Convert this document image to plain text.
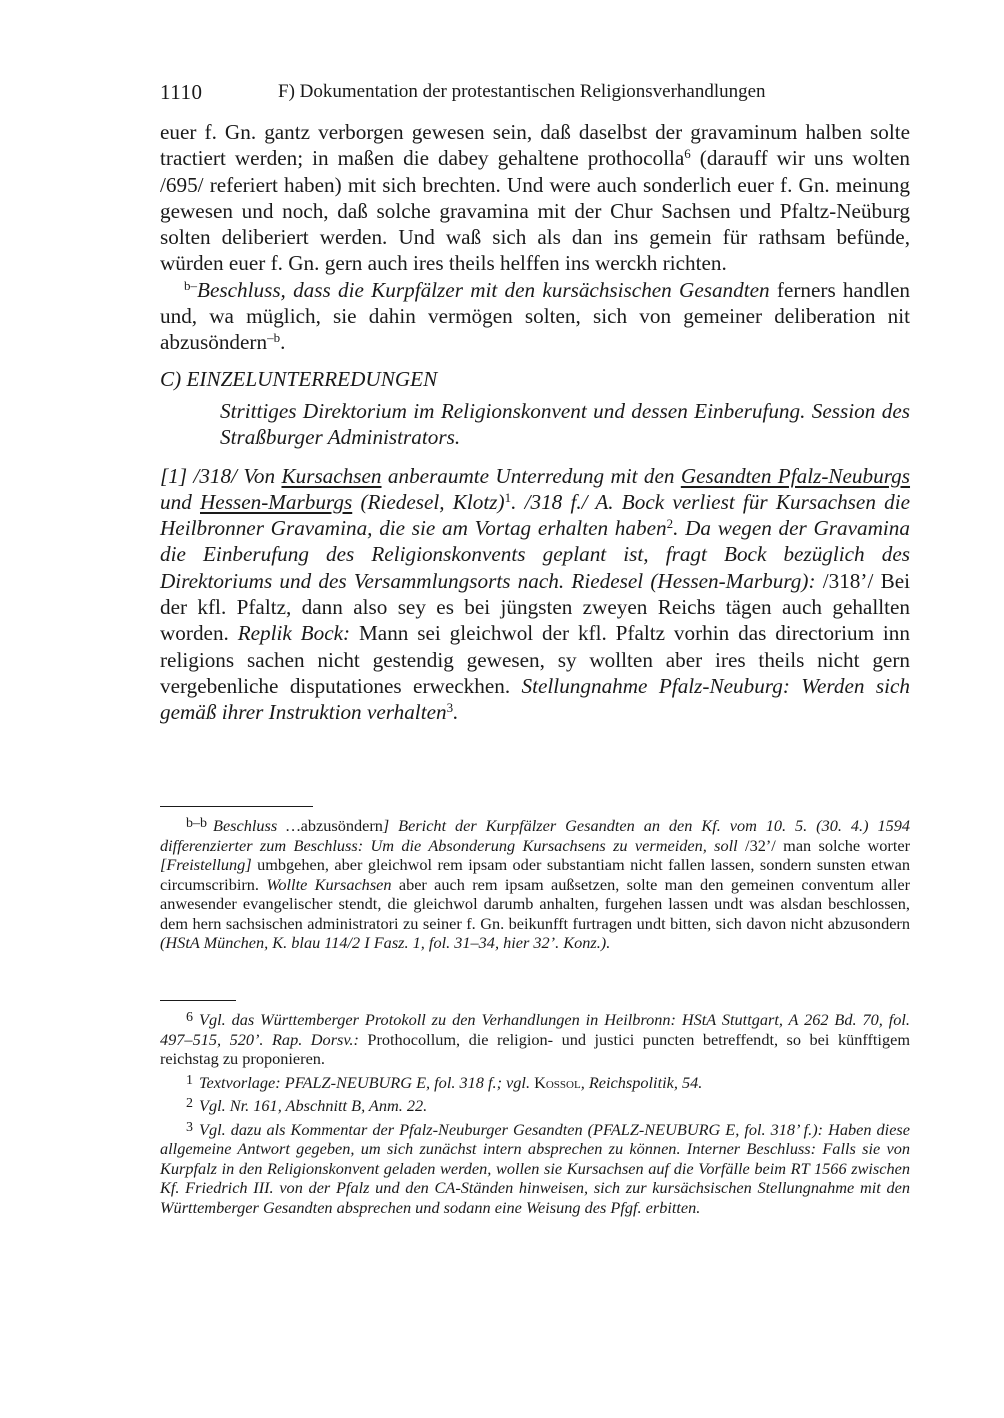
1110	F) Dokumentation der protestantischen Religionsverhandlungen

euer f. Gn. gantz verborgen gewesen sein, daß daselbst der gravaminum halben solte tractiert werden; in maßen die dabey gehaltene prothocolla$^6$ (darauff wir uns wolten /695/ referiert haben) mit sich brechten. Und were auch sonderlich euer f. Gn. meinung gewesen und noch, daß solche gravamina mit der Chur Sachsen und Pfaltz-Neüburg solten deliberiert werden. Und waß sich als dan ins gemein für rathsam befünde, würden euer f. Gn. gern auch ires theils helffen ins werckh richten.

$^{b-}$Beschluss, dass die Kurpfälzer mit den kursächsischen Gesandten ferners handlen und, wa müglich, sie dahin vermögen solten, sich von gemeiner deliberation nit abzusöndern$^{-b}$.

C) EINZELUNTERREDUNGEN

Strittiges Direktorium im Religionskonvent und dessen Einberufung. Session des Straßburger Administrators.

[1] /318/ Von Kursachsen anberaumte Unterredung mit den Gesandten Pfalz-Neuburgs und Hessen-Marburgs (Riedesel, Klotz)$^1$. /318 f./ A. Bock verliest für Kursachsen die Heilbronner Gravamina, die sie am Vortag erhalten haben$^2$. Da wegen der Gravamina die Einberufung des Religionskonvents geplant ist, fragt Bock bezüglich des Direktoriums und des Versammlungsorts nach. Riedesel (Hessen-Marburg): /318’/ Bei der kfl. Pfaltz, dann also sey es bei jüngsten zweyen Reichs tägen auch gehallten worden. Replik Bock: Mann sei gleichwol der kfl. Pfaltz vorhin das directorium inn religions sachen nicht gestendig gewesen, sy wollten aber ires theils nicht gern vergebenliche disputationes erweckhen. Stellungnahme Pfalz-Neuburg: Werden sich gemäß ihrer Instruktion verhalten$^3$.

b–b Beschluss …abzusöndern] Bericht der Kurpfälzer Gesandten an den Kf. vom 10. 5. (30. 4.) 1594 differenzierter zum Beschluss: Um die Absonderung Kursachsens zu vermeiden, soll /32’/ man solche worter [Freistellung] umbgehen, aber gleichwol rem ipsam oder substantiam nicht fallen lassen, sondern sunsten etwan circumscribirn. Wollte Kursachsen aber auch rem ipsam außsetzen, solte man den gemeinen conventum aller anwesender evangelischer stendt, die gleichwol darumb anhalten, furgehen lassen undt was alsdan beschlossen, dem hern sachsischen administratori zu seiner f. Gn. beikunfft furtragen undt bitten, sich davon nicht abzusondern (HStA München, K. blau 114/2 I Fasz. 1, fol. 31–34, hier 32’. Konz.).

6 Vgl. das Württemberger Protokoll zu den Verhandlungen in Heilbronn: HStA Stuttgart, A 262 Bd. 70, fol. 497–515, 520’. Rap. Dorsv.: Prothocollum, die religion- und justici puncten betreffendt, so bei künfftigem reichstag zu proponieren.

1 Textvorlage: PFALZ-NEUBURG E, fol. 318 f.; vgl. Kossol, Reichspolitik, 54.

2 Vgl. Nr. 161, Abschnitt B, Anm. 22.

3 Vgl. dazu als Kommentar der Pfalz-Neuburger Gesandten (PFALZ-NEUBURG E, fol. 318’ f.): Haben diese allgemeine Antwort gegeben, um sich zunächst intern absprechen zu können. Interner Beschluss: Falls sie von Kurpfalz in den Religionskonvent geladen werden, wollen sie Kursachsen auf die Vorfälle beim RT 1566 zwischen Kf. Friedrich III. von der Pfalz und den CA-Ständen hinweisen, sich zur kursächsischen Stellungnahme mit den Württemberger Gesandten absprechen und sodann eine Weisung des Pfgf. erbitten.
